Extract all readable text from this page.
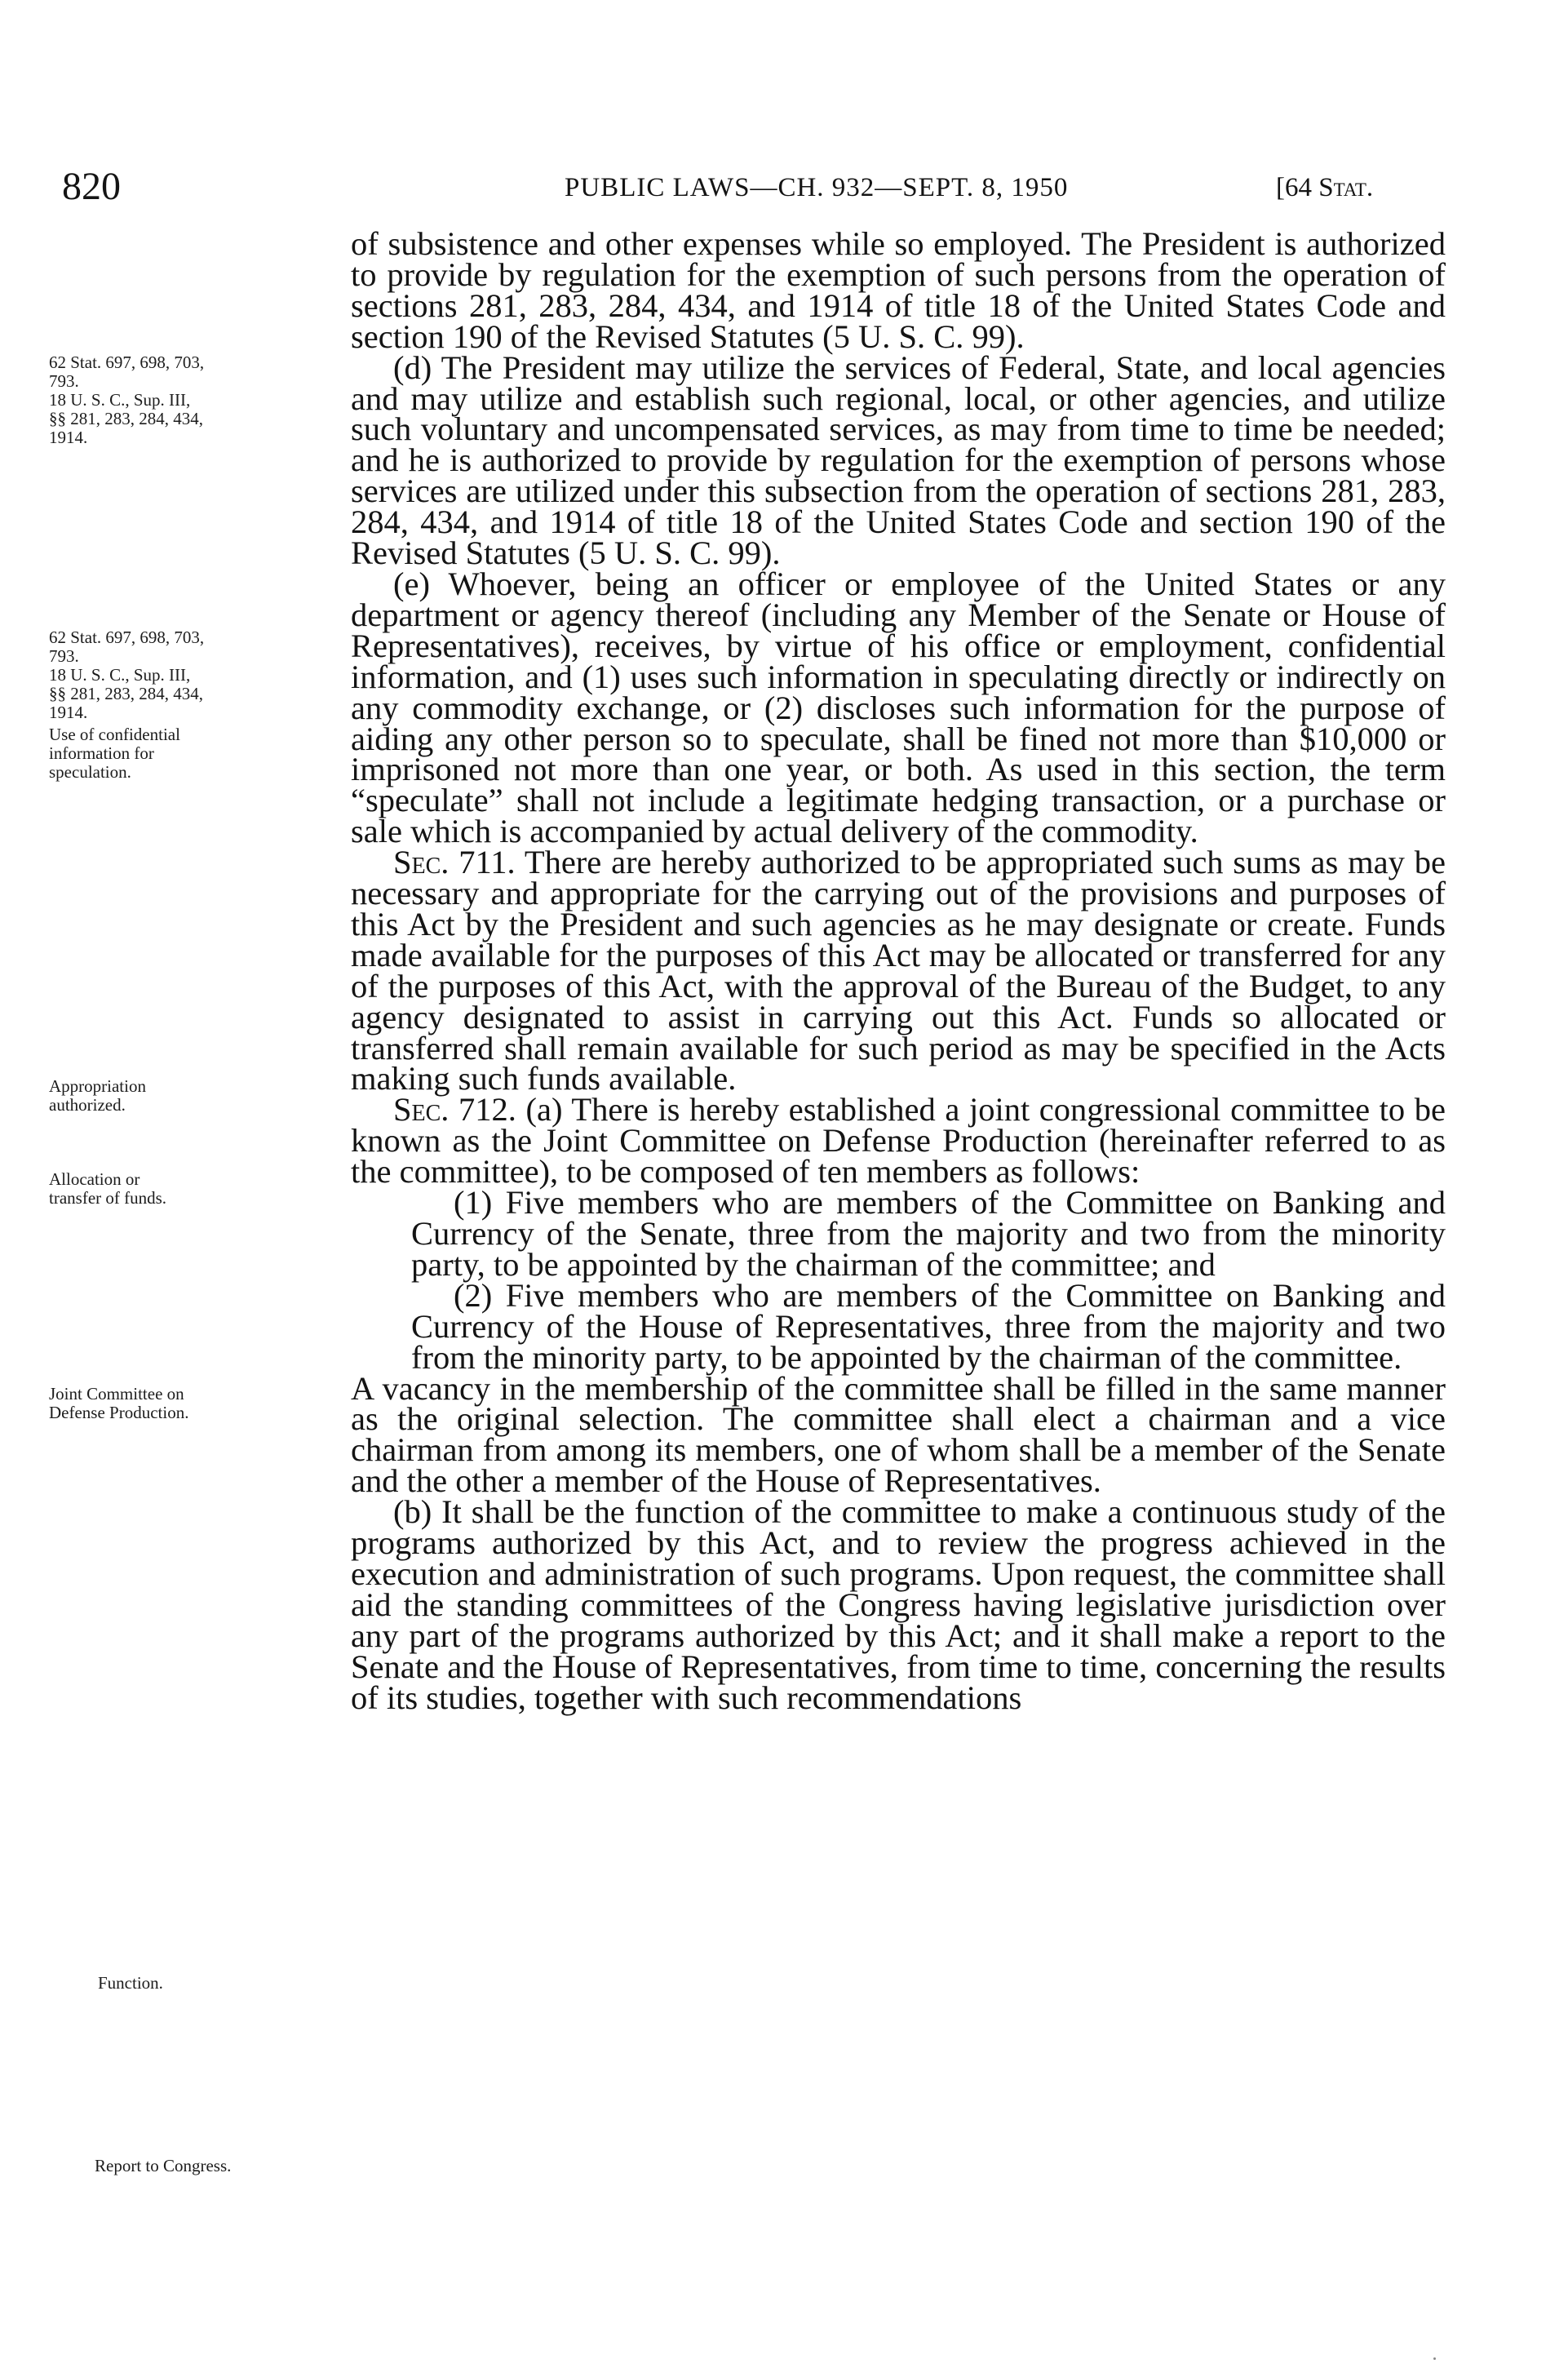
820	PUBLIC LAWS—CH. 932—SEPT. 8, 1950	[64 Stat.
62 Stat. 697, 698, 703,
793.
18 U. S. C., Sup. III,
§§ 281, 283, 284, 434,
1914.
62 Stat. 697, 698, 703,
793.
18 U. S. C., Sup. III,
§§ 281, 283, 284, 434,
1914.
Use of confidential information for speculation.
Appropriation authorized.
Allocation or transfer of funds.
Joint Committee on Defense Production.
Function.
Report to Congress.

of subsistence and other expenses while so employed. The President is authorized to provide by regulation for the exemption of such persons from the operation of sections 281, 283, 284, 434, and 1914 of title 18 of the United States Code and section 190 of the Revised Statutes (5 U. S. C. 99).

(d) The President may utilize the services of Federal, State, and local agencies and may utilize and establish such regional, local, or other agencies, and utilize such voluntary and uncompensated services, as may from time to time be needed; and he is authorized to provide by regulation for the exemption of persons whose services are utilized under this subsection from the operation of sections 281, 283, 284, 434, and 1914 of title 18 of the United States Code and section 190 of the Revised Statutes (5 U. S. C. 99).

(e) Whoever, being an officer or employee of the United States or any department or agency thereof (including any Member of the Senate or House of Representatives), receives, by virtue of his office or employment, confidential information, and (1) uses such information in speculating directly or indirectly on any commodity exchange, or (2) discloses such information for the purpose of aiding any other person so to speculate, shall be fined not more than $10,000 or imprisoned not more than one year, or both. As used in this section, the term “speculate” shall not include a legitimate hedging transaction, or a purchase or sale which is accompanied by actual delivery of the commodity.

Sec. 711. There are hereby authorized to be appropriated such sums as may be necessary and appropriate for the carrying out of the provisions and purposes of this Act by the President and such agencies as he may designate or create. Funds made available for the purposes of this Act may be allocated or transferred for any of the purposes of this Act, with the approval of the Bureau of the Budget, to any agency designated to assist in carrying out this Act. Funds so allocated or transferred shall remain available for such period as may be specified in the Acts making such funds available.

Sec. 712. (a) There is hereby established a joint congressional committee to be known as the Joint Committee on Defense Production (hereinafter referred to as the committee), to be composed of ten members as follows:

(1) Five members who are members of the Committee on Banking and Currency of the Senate, three from the majority and two from the minority party, to be appointed by the chairman of the committee; and

(2) Five members who are members of the Committee on Banking and Currency of the House of Representatives, three from the majority and two from the minority party, to be appointed by the chairman of the committee.

A vacancy in the membership of the committee shall be filled in the same manner as the original selection. The committee shall elect a chairman and a vice chairman from among its members, one of whom shall be a member of the Senate and the other a member of the House of Representatives.

(b) It shall be the function of the committee to make a continuous study of the programs authorized by this Act, and to review the progress achieved in the execution and administration of such programs. Upon request, the committee shall aid the standing committees of the Congress having legislative jurisdiction over any part of the programs authorized by this Act; and it shall make a report to the Senate and the House of Representatives, from time to time, concerning the results of its studies, together with such recommendations
